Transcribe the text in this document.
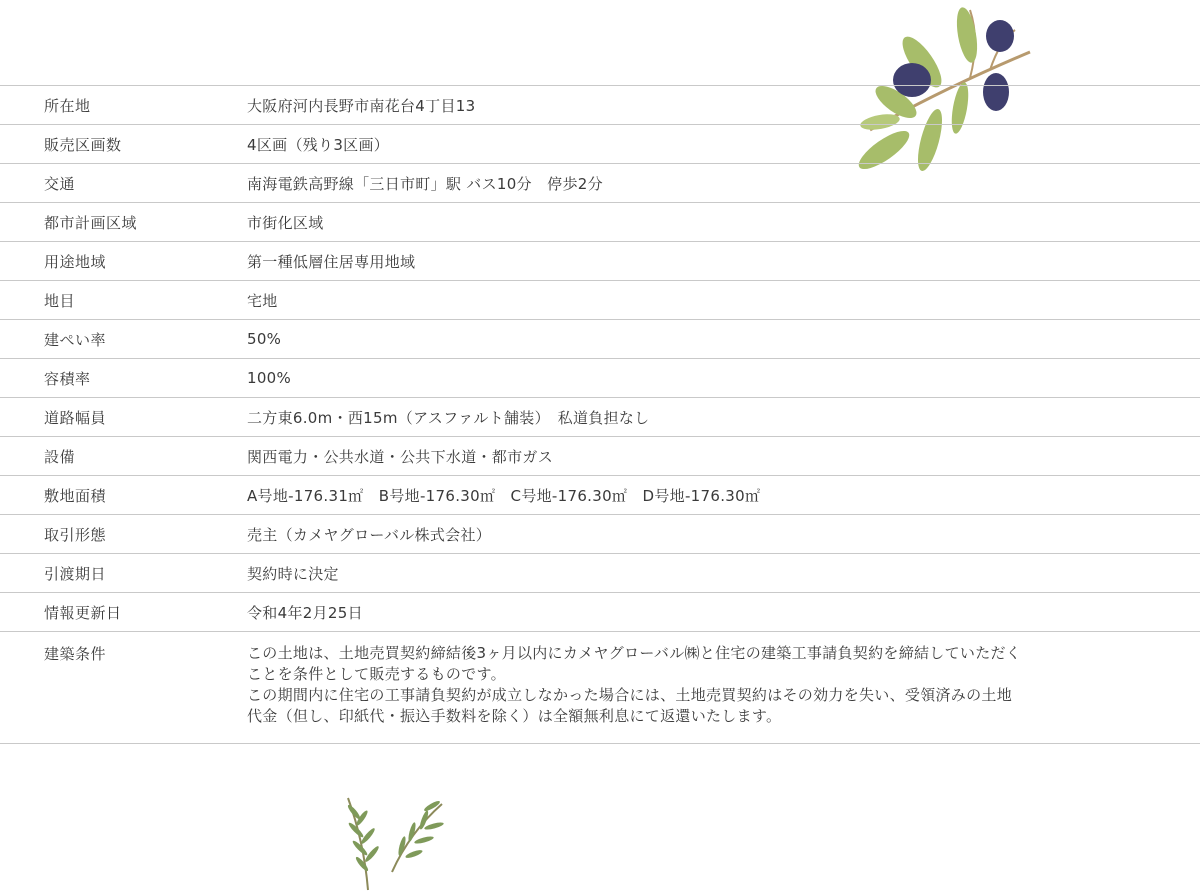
所在地	大阪府河内長野市南花台4丁目13
販売区画数	4区画（残り3区画）
交通	南海電鉄高野線「三日市町」駅 バス10分　停歩2分
都市計画区域	市街化区域
用途地域	第一種低層住居専用地域
地目	宅地
建ぺい率	50%
容積率	100%
道路幅員	二方東6.0m・西15m（アスファルト舗装）　私道負担なし
設備	関西電力・公共水道・公共下水道・都市ガス
敷地面積	A号地-176.31㎡　B号地-176.30㎡　C号地-176.30㎡　D号地-176.30㎡
取引形態	売主（カメヤグローバル株式会社）
引渡期日	契約時に決定
情報更新日	令和4年2月25日
建築条件	この土地は、土地売買契約締結後3ヶ月以内にカメヤグローバル㈱と住宅の建築工事請負契約を締結していただく
ことを条件として販売するものです。
この期間内に住宅の工事請負契約が成立しなかった場合には、土地売買契約はその効力を失い、受領済みの土地
代金（但し、印紙代・振込手数料を除く）は全額無利息にて返還いたします。
